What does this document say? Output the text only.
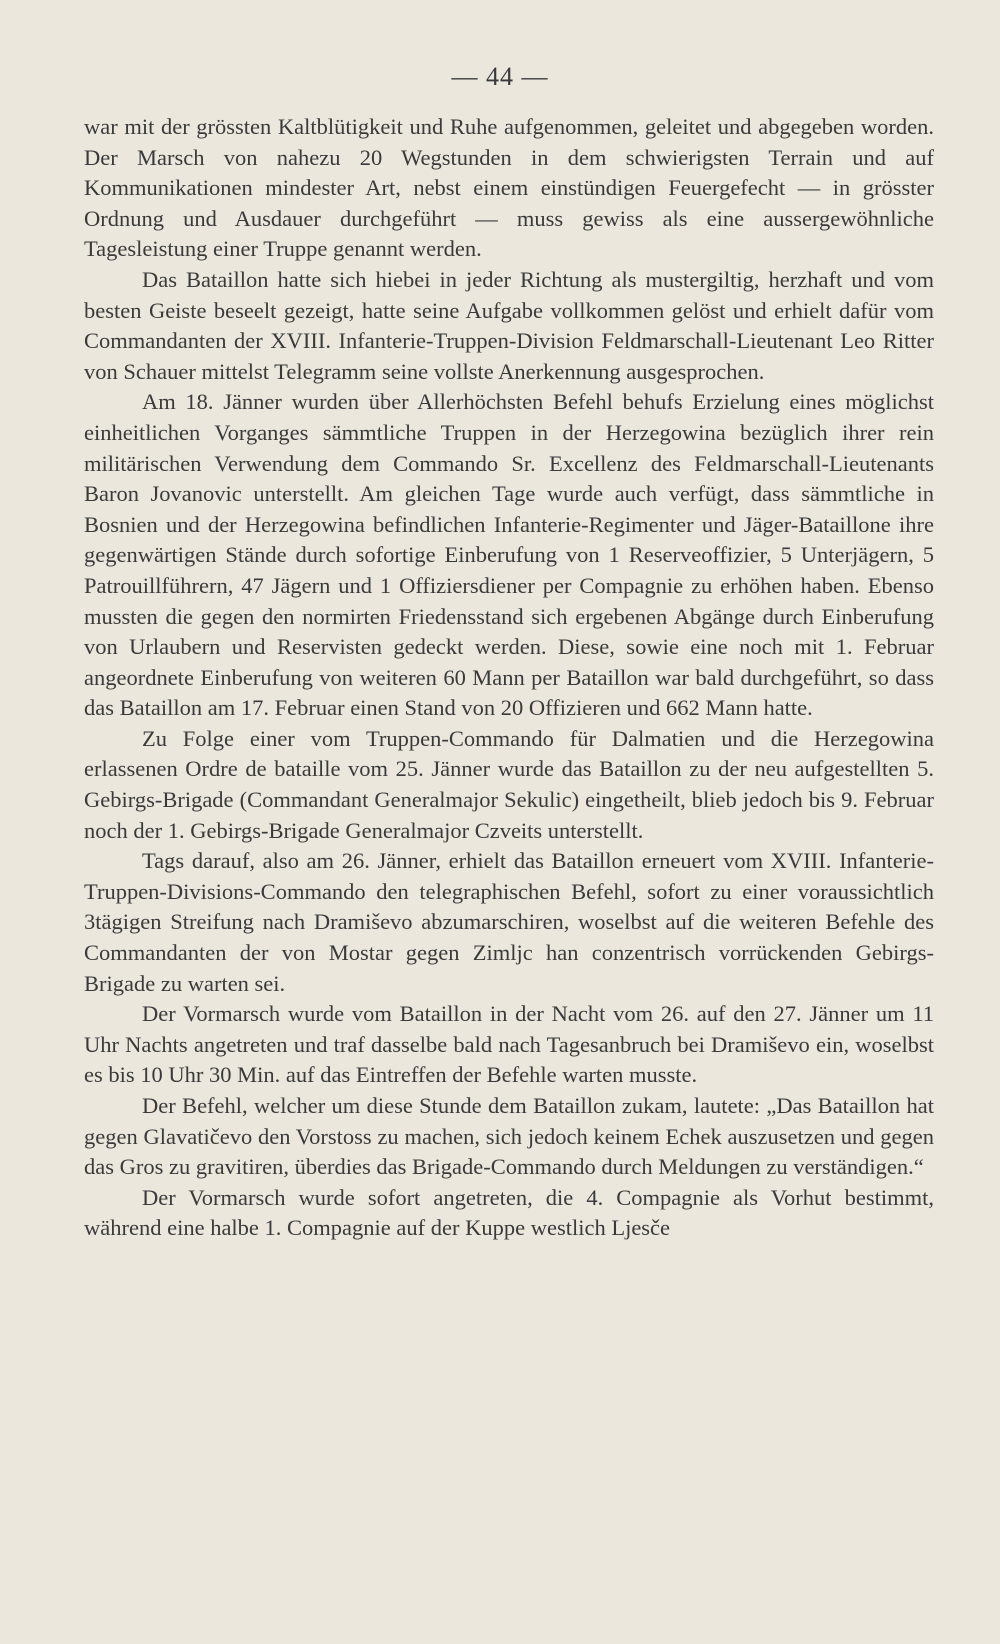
— 44 —

war mit der grössten Kaltblütigkeit und Ruhe aufgenommen, geleitet und abgegeben worden. Der Marsch von nahezu 20 Wegstunden in dem schwierigsten Terrain und auf Kommunikationen mindester Art, nebst einem einstündigen Feuergefecht — in grösster Ordnung und Ausdauer durchgeführt — muss gewiss als eine aussergewöhnliche Tagesleistung einer Truppe genannt werden.

Das Bataillon hatte sich hiebei in jeder Richtung als mustergiltig, herzhaft und vom besten Geiste beseelt gezeigt, hatte seine Aufgabe vollkommen gelöst und erhielt dafür vom Commandanten der XVIII. Infanterie-Truppen-Division Feldmarschall-Lieutenant Leo Ritter von Schauer mittelst Telegramm seine vollste Anerkennung ausgesprochen.

Am 18. Jänner wurden über Allerhöchsten Befehl behufs Erzielung eines möglichst einheitlichen Vorganges sämmtliche Truppen in der Herzegowina bezüglich ihrer rein militärischen Verwendung dem Commando Sr. Excellenz des Feldmarschall-Lieutenants Baron Jovanovic unterstellt. Am gleichen Tage wurde auch verfügt, dass sämmtliche in Bosnien und der Herzegowina befindlichen Infanterie-Regimenter und Jäger-Bataillone ihre gegenwärtigen Stände durch sofortige Einberufung von 1 Reserveoffizier, 5 Unterjägern, 5 Patrouillführern, 47 Jägern und 1 Offiziersdiener per Compagnie zu erhöhen haben. Ebenso mussten die gegen den normirten Friedensstand sich ergebenen Abgänge durch Einberufung von Urlaubern und Reservisten gedeckt werden. Diese, sowie eine noch mit 1. Februar angeordnete Einberufung von weiteren 60 Mann per Bataillon war bald durchgeführt, so dass das Bataillon am 17. Februar einen Stand von 20 Offizieren und 662 Mann hatte.

Zu Folge einer vom Truppen-Commando für Dalmatien und die Herzegowina erlassenen Ordre de bataille vom 25. Jänner wurde das Bataillon zu der neu aufgestellten 5. Gebirgs-Brigade (Commandant Generalmajor Sekulic) eingetheilt, blieb jedoch bis 9. Februar noch der 1. Gebirgs-Brigade Generalmajor Czveits unterstellt.

Tags darauf, also am 26. Jänner, erhielt das Bataillon erneuert vom XVIII. Infanterie-Truppen-Divisions-Commando den telegraphischen Befehl, sofort zu einer voraussichtlich 3tägigen Streifung nach Dramiševo abzumarschiren, woselbst auf die weiteren Befehle des Commandanten der von Mostar gegen Zimljc han conzentrisch vorrückenden Gebirgs-Brigade zu warten sei.

Der Vormarsch wurde vom Bataillon in der Nacht vom 26. auf den 27. Jänner um 11 Uhr Nachts angetreten und traf dasselbe bald nach Tagesanbruch bei Dramiševo ein, woselbst es bis 10 Uhr 30 Min. auf das Eintreffen der Befehle warten musste.

Der Befehl, welcher um diese Stunde dem Bataillon zukam, lautete: „Das Bataillon hat gegen Glavatičevo den Vorstoss zu machen, sich jedoch keinem Echek auszusetzen und gegen das Gros zu gravitiren, überdies das Brigade-Commando durch Meldungen zu verständigen.“

Der Vormarsch wurde sofort angetreten, die 4. Compagnie als Vorhut bestimmt, während eine halbe 1. Compagnie auf der Kuppe westlich Ljesče
